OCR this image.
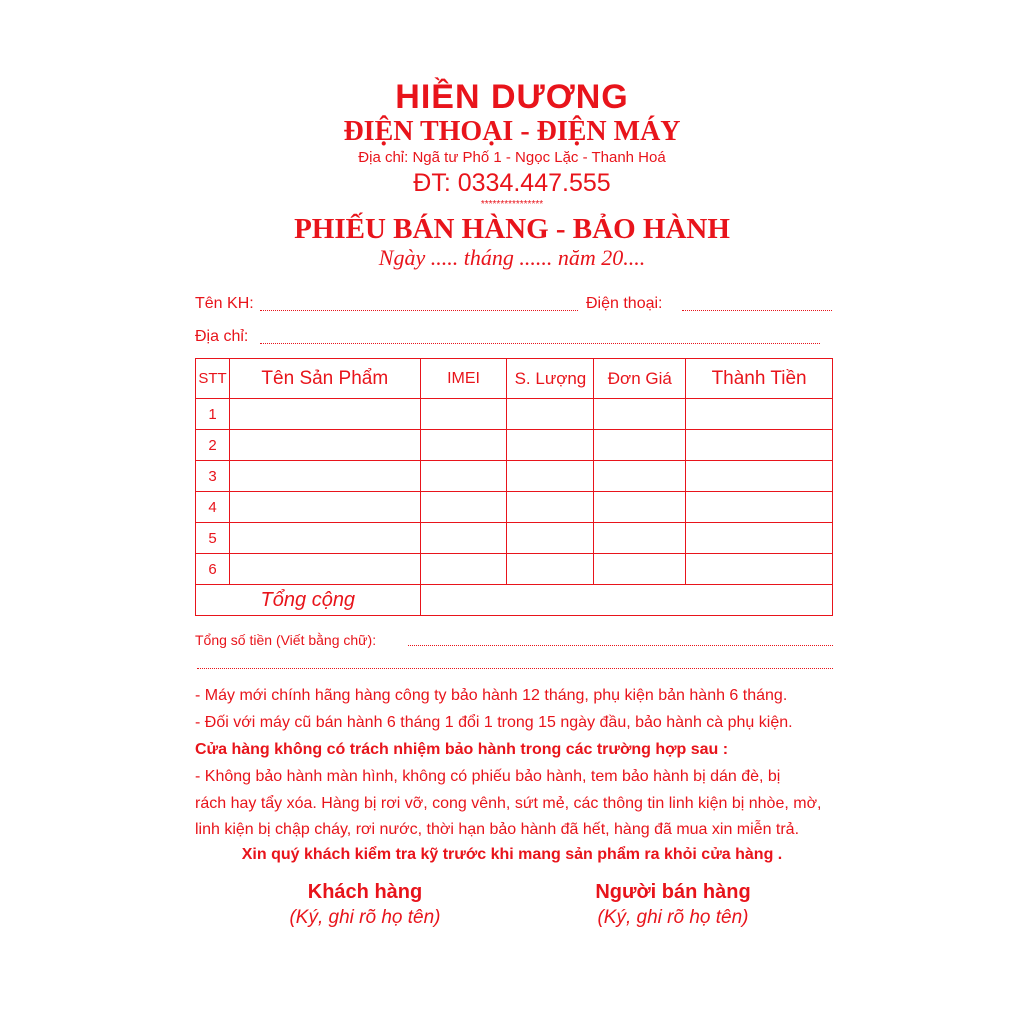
HIỀN DƯƠNG
ĐIỆN THOẠI - ĐIỆN MÁY
Địa chỉ: Ngã tư Phố 1 - Ngọc Lặc - Thanh Hoá
ĐT: 0334.447.555
****************
PHIẾU BÁN HÀNG - BẢO HÀNH
Ngày ..... tháng ...... năm 20....
Tên KH:	Điện thoại:
Địa chỉ:
STT	Tên Sản Phẩm	IMEI	S. Lượng	Đơn Giá	Thành Tiền
1					
2					
3					
4					
5					
6					
Tổng cộng					
Tổng số tiền (Viết bằng chữ):
- Máy mới chính hãng hàng công ty bảo hành 12 tháng, phụ kiện bản hành 6 tháng.
- Đối với máy cũ bán hành 6 tháng 1 đổi 1 trong 15 ngày đầu, bảo hành cà phụ kiện.
Cửa hàng không có trách nhiệm bảo hành trong các trường hợp sau :
- Không bảo hành màn hình, không có phiếu bảo hành, tem bảo hành bị dán đè, bị
rách hay tẩy xóa. Hàng bị rơi vỡ, cong vênh, sứt mẻ, các thông tin linh kiện bị nhòe, mờ,
linh kiện bị chập cháy, rơi nước, thời hạn bảo hành đã hết, hàng đã mua xin miễn trả.
Xin quý khách kiểm tra kỹ trước khi mang sản phẩm ra khỏi cửa hàng .
Khách hàng
(Ký, ghi rõ họ tên)
Người bán hàng
(Ký, ghi rõ họ tên)
